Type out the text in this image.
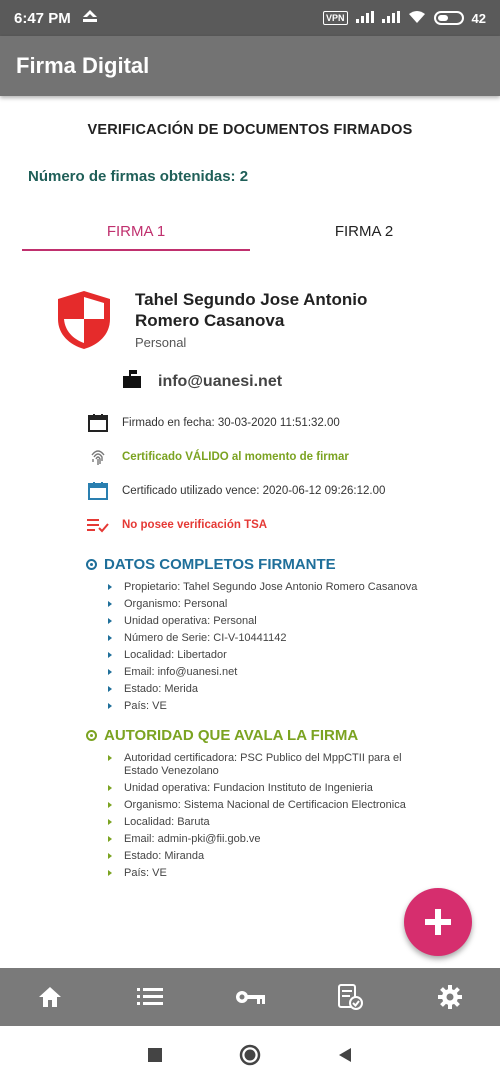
6:47 PM	VPN	42
Firma Digital
VERIFICACIÓN DE DOCUMENTOS FIRMADOS
Número de firmas obtenidas: 2
FIRMA 1	FIRMA 2
Tahel Segundo Jose Antonio Romero Casanova
Personal
info@uanesi.net
Firmado en fecha: 30-03-2020 11:51:32.00
Certificado VÁLIDO al momento de firmar
Certificado utilizado vence: 2020-06-12 09:26:12.00
No posee verificación TSA
DATOS COMPLETOS FIRMANTE
Propietario: Tahel Segundo Jose Antonio Romero Casanova
Organismo: Personal
Unidad operativa: Personal
Número de Serie: CI-V-10441142
Localidad: Libertador
Email: info@uanesi.net
Estado: Merida
País: VE
AUTORIDAD QUE AVALA LA FIRMA
Autoridad certificadora: PSC Publico del MppCTII para el Estado Venezolano
Unidad operativa: Fundacion Instituto de Ingenieria
Organismo: Sistema Nacional de Certificacion Electronica
Localidad: Baruta
Email: admin-pki@fii.gob.ve
Estado: Miranda
País: VE
